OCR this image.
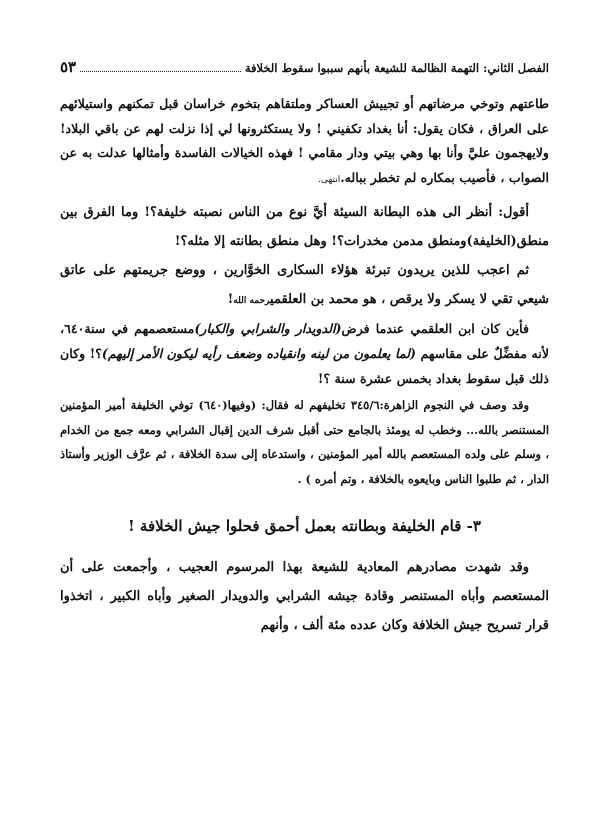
الفصل الثاني: التهمة الظالمة للشيعة بأنهم سببوا سقوط الخلافة
٥٣

طاعتهم وتوخي مرضاتهم أو تجييش العساكر وملتقاهم بتخوم خراسان قبل تمكنهم واستيلائهم على العراق ، فكان يقول: أنا بغداد تكفيني ! ولا يستكثرونها لي إذا نزلت لهم عن باقي البلاد! ولايهجمون عليَّ وأنا بها وهي بيتي ودار مقامي ! فهذه الخيالات الفاسدة وأمثالها عدلت به عن الصواب ، فأصيب بمكاره لم تخطر بباله.انتهى.

أقول: أنظر الى هذه البطانة السيئة أيَّ نوع من الناس نصبته خليفة؟! وما الفرق بين منطق(الخليفة)ومنطق مدمن مخدرات؟! وهل منطق بطانته إلا مثله؟!

ثم اعجب للذين يريدون تبرئة هؤلاء السكارى الخوَّارين ، ووضع جريمتهم على عاتق شيعي تقي لا يسكر ولا يرقص ، هو محمد بن العلقميرحمه الله!

فأين كان ابن العلقمي عندما فرض(الدويدار والشرابي والكبار)مستعصمهم في سنة٦٤٠، لأنه مفضِّلٌ على مقاسهم (لما يعلمون من لينه وانقياده وضعف رأيه ليكون الأمر إليهم)؟! وكان ذلك قبل سقوط بغداد بخمس عشرة سنة ؟!

وقد وصف في النجوم الزاهرة:٣٤٥/٦ تخليفهم له فقال: (وفيها(٦٤٠) توفي الخليفة أمير المؤمنين المستنصر بالله... وخطب له يومئذ بالجامع حتى أقبل شرف الدين إقبال الشرابي ومعه جمع من الخدام ، وسلم على ولده المستعصم بالله أمير المؤمنين ، واستدعاه إلى سدة الخلافة ، ثم عرَّف الوزير وأستاذ الدار ، ثم طلبوا الناس وبايعوه بالخلافة ، وتم أمره ) .

٣- قام الخليفة وبطانته بعمل أحمق فحلوا جيش الخلافة !

وقد شهدت مصادرهم المعادية للشيعة بهذا المرسوم العجيب ، وأجمعت على أن المستعصم وأباه المستنصر وقادة جيشه الشرابي والدويدار الصغير وأباه الكبير ، اتخذوا قرار تسريح جيش الخلافة وكان عدده مئة ألف ، وأنهم
